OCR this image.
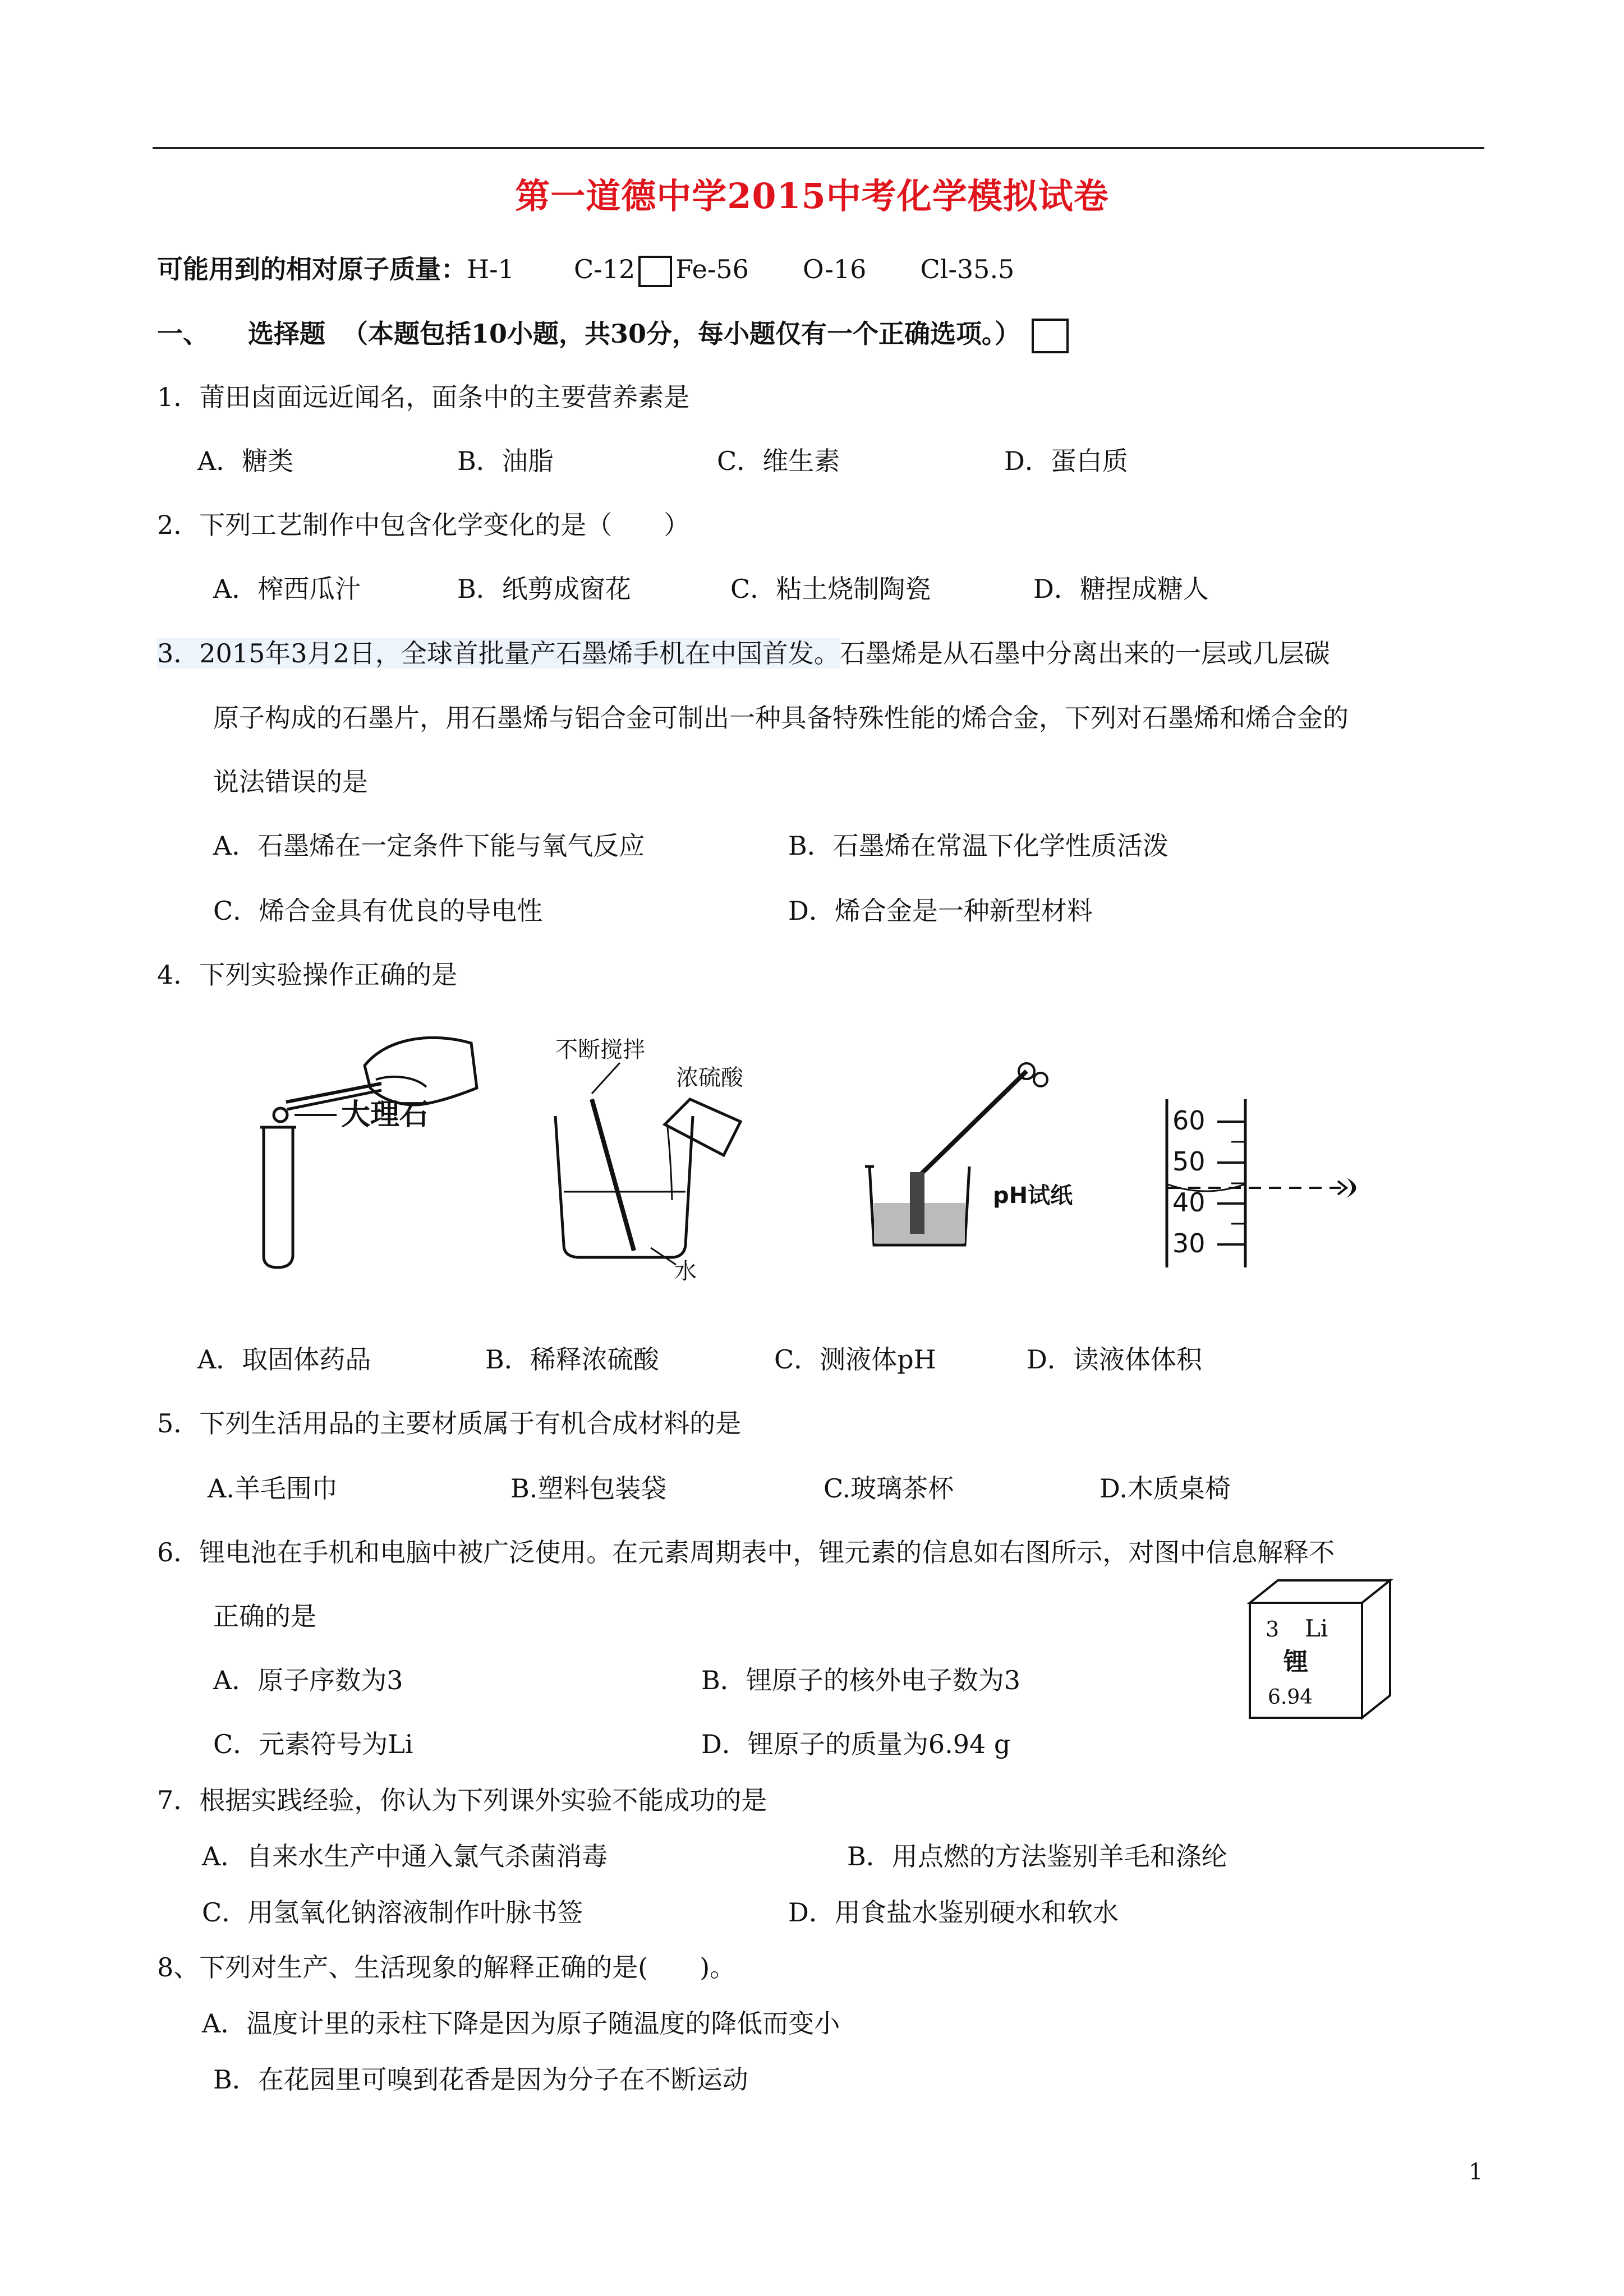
第一道德中学2015中考化学模拟试卷
可能用到的相对原子质量：H-1 C-12 Fe-56 O-16 Cl-35.5
一、 选择题 （本题包括10小题，共30分，每小题仅有一个正确选项。）
1．莆田卤面远近闻名，面条中的主要营养素是
A．糖类	B．油脂	C．维生素	D．蛋白质
2．下列工艺制作中包含化学变化的是（　　）
A．榨西瓜汁	B．纸剪成窗花	C．粘土烧制陶瓷	D．糖捏成糖人
3．2015年3月2日，全球首批量产石墨烯手机在中国首发。石墨烯是从石墨中分离出来的一层或几层碳
原子构成的石墨片，用石墨烯与铝合金可制出一种具备特殊性能的烯合金，下列对石墨烯和烯合金的
说法错误的是
A．石墨烯在一定条件下能与氧气反应	B．石墨烯在常温下化学性质活泼
C．烯合金具有优良的导电性	D．烯合金是一种新型材料
4．下列实验操作正确的是
大理石
不断搅拌
浓硫酸
水
pH试纸
60
50
40
30
A．取固体药品	B．稀释浓硫酸	C．测液体pH	D．读液体体积
5．下列生活用品的主要材质属于有机合成材料的是
A.羊毛围巾	B.塑料包装袋	C.玻璃茶杯	D.木质桌椅
6．锂电池在手机和电脑中被广泛使用。在元素周期表中，锂元素的信息如右图所示，对图中信息解释不
正确的是
A．原子序数为3	B．锂原子的核外电子数为3
C．元素符号为Li	D．锂原子的质量为6.94 g
3 Li
锂
6.94
7．根据实践经验，你认为下列课外实验不能成功的是
A．自来水生产中通入氯气杀菌消毒	B．用点燃的方法鉴别羊毛和涤纶
C．用氢氧化钠溶液制作叶脉书签	D．用食盐水鉴别硬水和软水
8、下列对生产、生活现象的解释正确的是(　　)。
A．温度计里的汞柱下降是因为原子随温度的降低而变小
B．在花园里可嗅到花香是因为分子在不断运动
1
